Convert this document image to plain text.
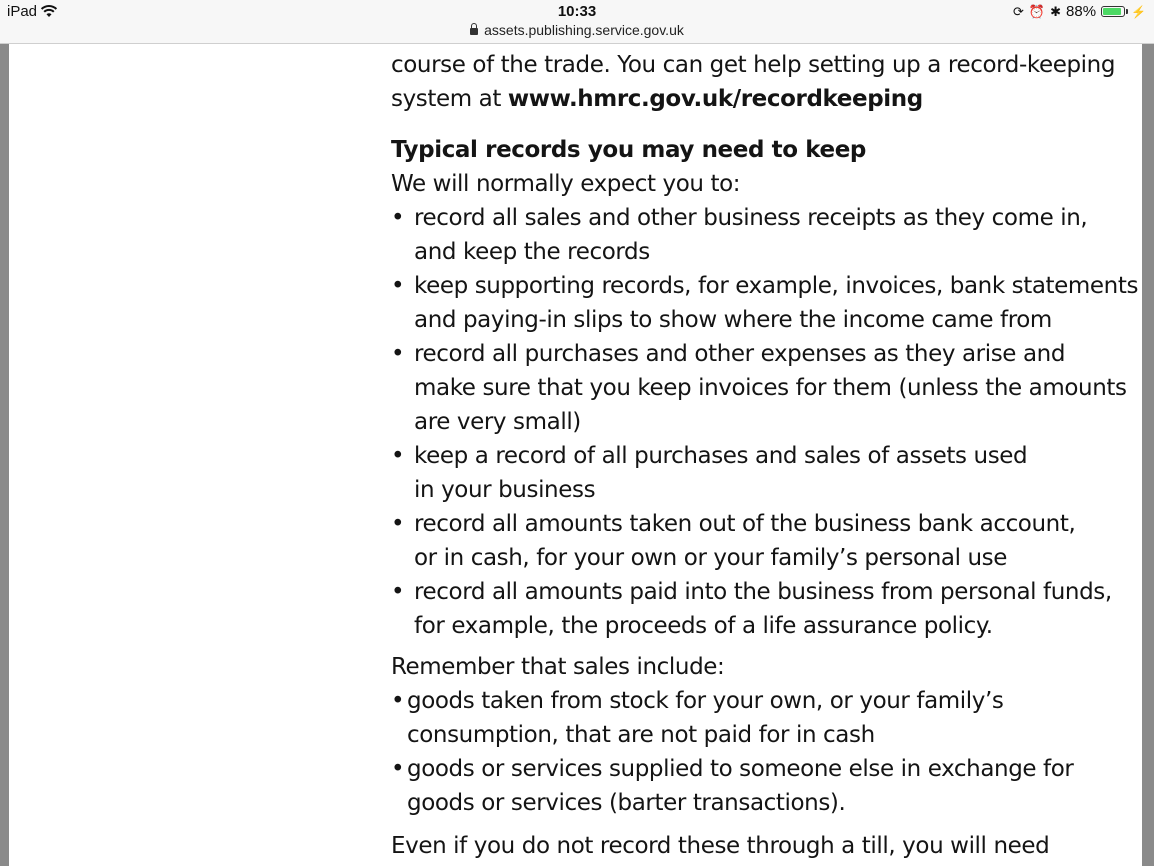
iPad	10:33
assets.publishing.service.gov.uk
⟳ ⏰ ✱ 88%	⚡
course of the trade. You can get help setting up a record-keeping
system at www.hmrc.gov.uk/recordkeeping
Typical records you may need to keep
We will normally expect you to:
• record all sales and other business receipts as they come in,
and keep the records
• keep supporting records, for example, invoices, bank statements
and paying-in slips to show where the income came from
• record all purchases and other expenses as they arise and
make sure that you keep invoices for them (unless the amounts
are very small)
• keep a record of all purchases and sales of assets used
in your business
• record all amounts taken out of the business bank account,
or in cash, for your own or your family’s personal use
• record all amounts paid into the business from personal funds,
for example, the proceeds of a life assurance policy.
Remember that sales include:
• goods taken from stock for your own, or your family’s
consumption, that are not paid for in cash
• goods or services supplied to someone else in exchange for
goods or services (barter transactions).
Even if you do not record these through a till, you will need
